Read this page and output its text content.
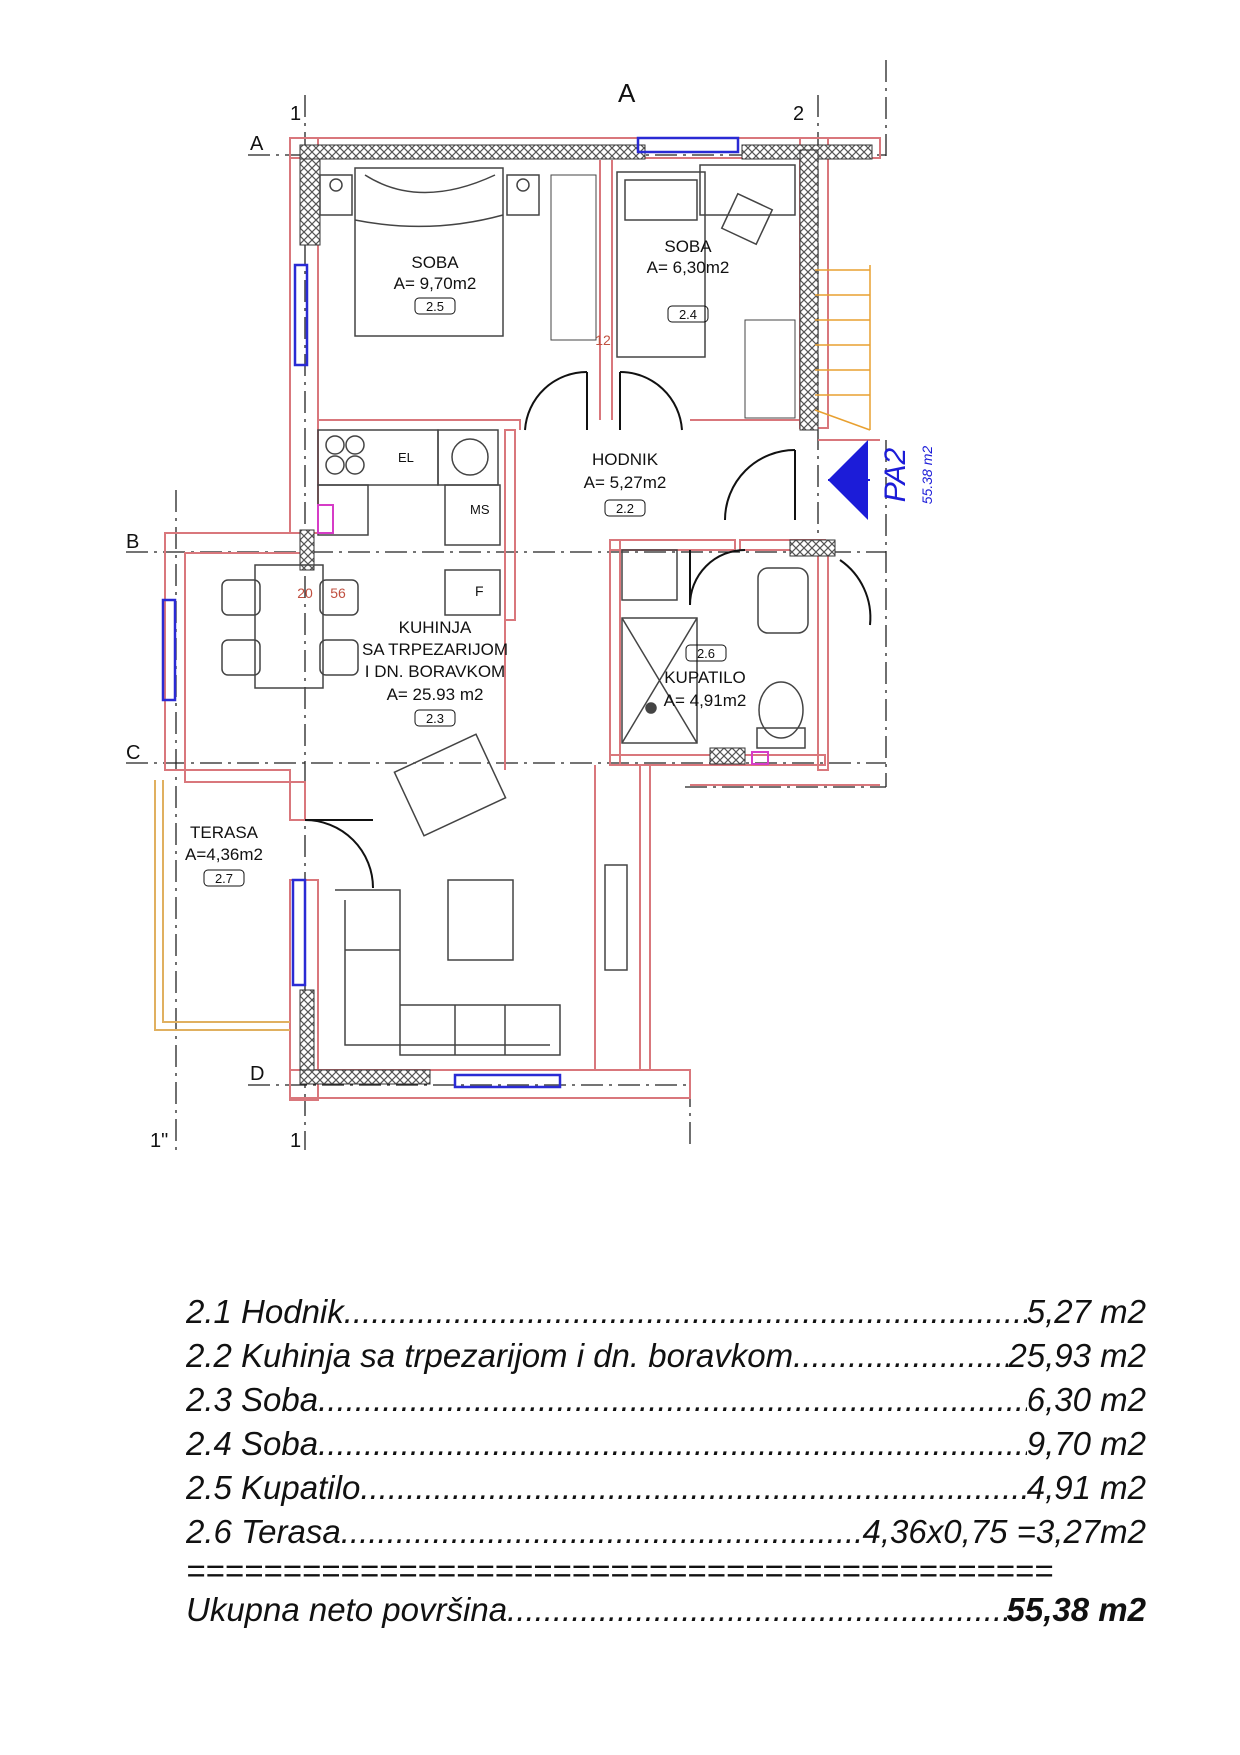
A
1	2
A
B
C
D
1"	1
PA2 55.38 m2
SOBA
A= 9,70m2
2.5
SOBA
A= 6,30m2
2.4
HODNIK
A= 5,27m2
2.2
KUHINJA
SA TRPEZARIJOM
I DN. BORAVKOM
A= 25.93 m2
2.3
2.6
KUPATILO
A= 4,91m2
TERASA
A=4,36m2
2.7
EL
MS
F
12
20 56
2.1 Hodnik .....	5,27 m2
2.2 Kuhinja sa trpezarijom i dn. boravkom .....	25,93 m2
2.3 Soba .....	6,30 m2
2.4 Soba .....	9,70 m2
2.5 Kupatilo .....	4,91 m2
2.6 Terasa .....	4,36x0,75 =3,27m2
=============================================
Ukupna neto površina .....	55,38 m2
